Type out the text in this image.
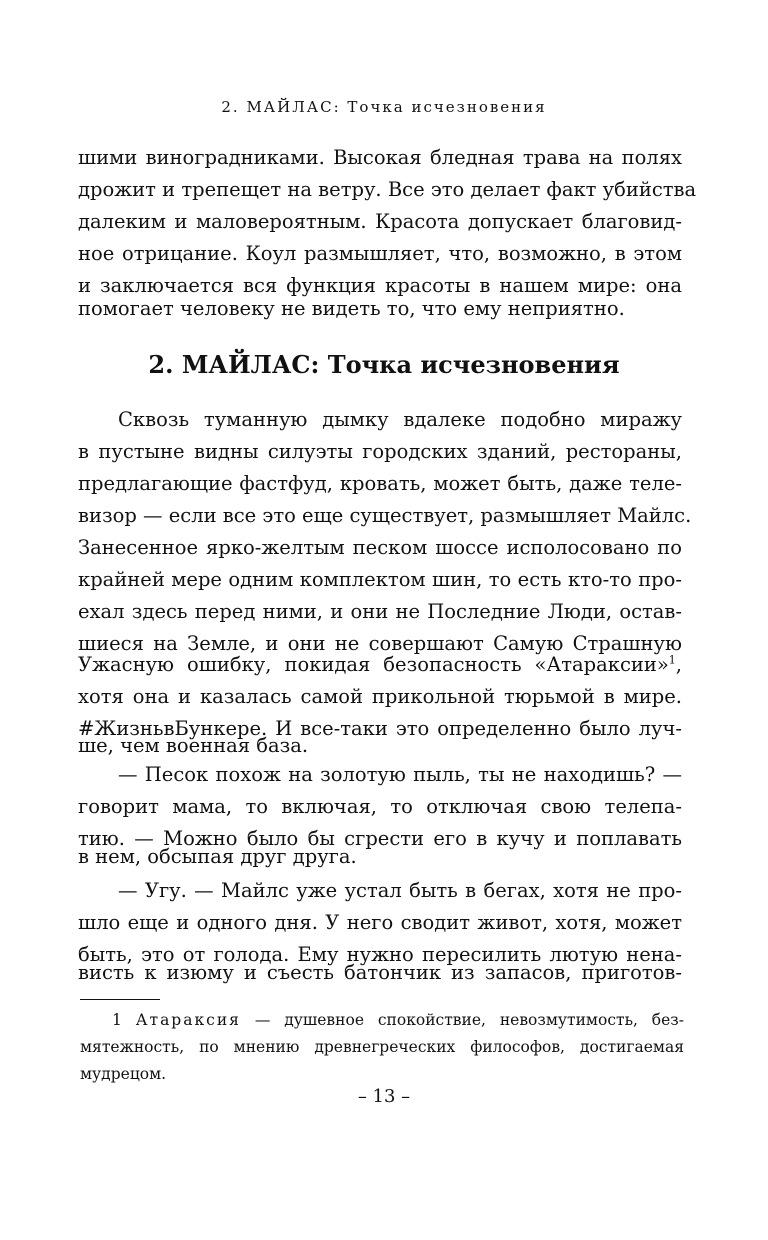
2. МАЙЛАС: Точка исчезновения
шими виноградниками. Высокая бледная трава на полях
дрожит и трепещет на ветру. Все это делает факт убийства
далеким и маловероятным. Красота допускает благовид-
ное отрицание. Коул размышляет, что, возможно, в этом
и заключается вся функция красоты в нашем мире: она
помогает человеку не видеть то, что ему неприятно.
2. МАЙЛАС: Точка исчезновения
Сквозь туманную дымку вдалеке подобно миражу
в пустыне видны силуэты городских зданий, рестораны,
предлагающие фастфуд, кровать, может быть, даже теле-
визор — если все это еще существует, размышляет Майлс.
Занесенное ярко-желтым песком шоссе исполосовано по
крайней мере одним комплектом шин, то есть кто-то про-
ехал здесь перед ними, и они не Последние Люди, остав-
шиеся на Земле, и они не совершают Самую Страшную
Ужасную ошибку, покидая безопасность «Атараксии»$^1$,
хотя она и казалась самой прикольной тюрьмой в мире.
#ЖизньвБункере. И все-таки это определенно было луч-
ше, чем военная база.
— Песок похож на золотую пыль, ты не находишь? —
говорит мама, то включая, то отключая свою телепа-
тию. — Можно было бы сгрести его в кучу и поплавать
в нем, обсыпая друг друга.
— Угу. — Майлс уже устал быть в бегах, хотя не про-
шло еще и одного дня. У него сводит живот, хотя, может
быть, это от голода. Ему нужно пересилить лютую нена-
висть к изюму и съесть батончик из запасов, приготов-
1 Атараксия — душевное спокойствие, невозмутимость, без-
мятежность, по мнению древнегреческих философов, достигаемая
мудрецом.
– 13 –
